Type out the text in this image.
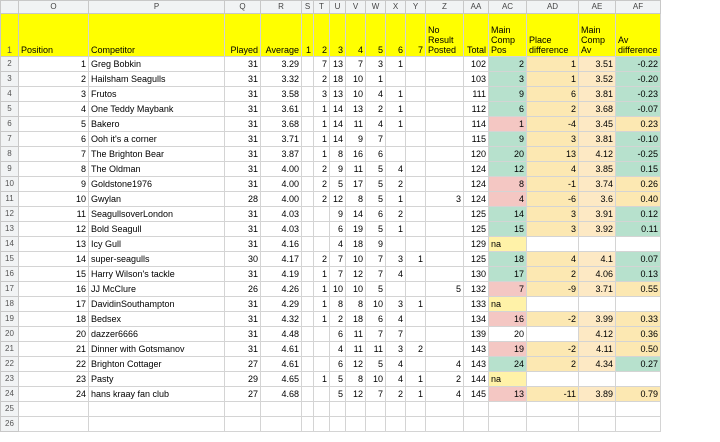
	O	P	Q	R	S	T	U	V	W	X	Y	Z	AA	AC	AD	AE	AF
1	Position	Competitor	Played	Average	1	2	3	4	5	6	7	No Result Posted	Total	Main Comp Pos	Place difference	Main Comp Av	Av difference
2	1	Greg Bobkin	31	3.29		7	13	7	3	1			102	2	1	3.51	-0.22
3	2	Hailsham Seagulls	31	3.32		2	18	10	1				103	3	1	3.52	-0.20
4	3	Frutos	31	3.58		3	13	10	4	1			111	9	6	3.81	-0.23
5	4	One Teddy Maybank	31	3.61		1	14	13	2	1			112	6	2	3.68	-0.07
6	5	Bakero	31	3.68		1	14	11	4	1			114	1	-4	3.45	0.23
7	6	Ooh it's a corner	31	3.71		1	14	9	7				115	9	3	3.81	-0.10
8	7	The Brighton Bear	31	3.87		1	8	16	6				120	20	13	4.12	-0.25
9	8	The Oldman	31	4.00		2	9	11	5	4			124	12	4	3.85	0.15
10	9	Goldstone1976	31	4.00		2	5	17	5	2			124	8	-1	3.74	0.26
11	10	Gwylan	28	4.00		2	12	8	5	1		3	124	4	-6	3.6	0.40
12	11	SeagullsoverLondon	31	4.03			9	14	6	2			125	14	3	3.91	0.12
13	12	Bold Seagull	31	4.03			6	19	5	1			125	15	3	3.92	0.11
14	13	Icy Gull	31	4.16			4	18	9				129	na			
15	14	super-seagulls	30	4.17		2	7	10	7	3	1		125	18	4	4.1	0.07
16	15	Harry Wilson's tackle	31	4.19		1	7	12	7	4			130	17	2	4.06	0.13
17	16	JJ McClure	26	4.26		1	10	10	5			5	132	7	-9	3.71	0.55
18	17	DavidinSouthampton	31	4.29		1	8	8	10	3	1		133	na			
19	18	Bedsex	31	4.32		1	2	18	6	4			134	16	-2	3.99	0.33
20	20	dazzer6666	31	4.48			6	11	7	7			139	20		4.12	0.36
21	21	Dinner with Gotsmanov	31	4.61			4	11	11	3	2		143	19	-2	4.11	0.50
22	22	Brighton Cottager	27	4.61			6	12	5	4		4	143	24	2	4.34	0.27
23	23	Pasty	29	4.65		1	5	8	10	4	1	2	144	na			
24	24	hans kraay fan club	27	4.68			5	12	7	2	1	4	145	13	-11	3.89	0.79
25																	
26																	
